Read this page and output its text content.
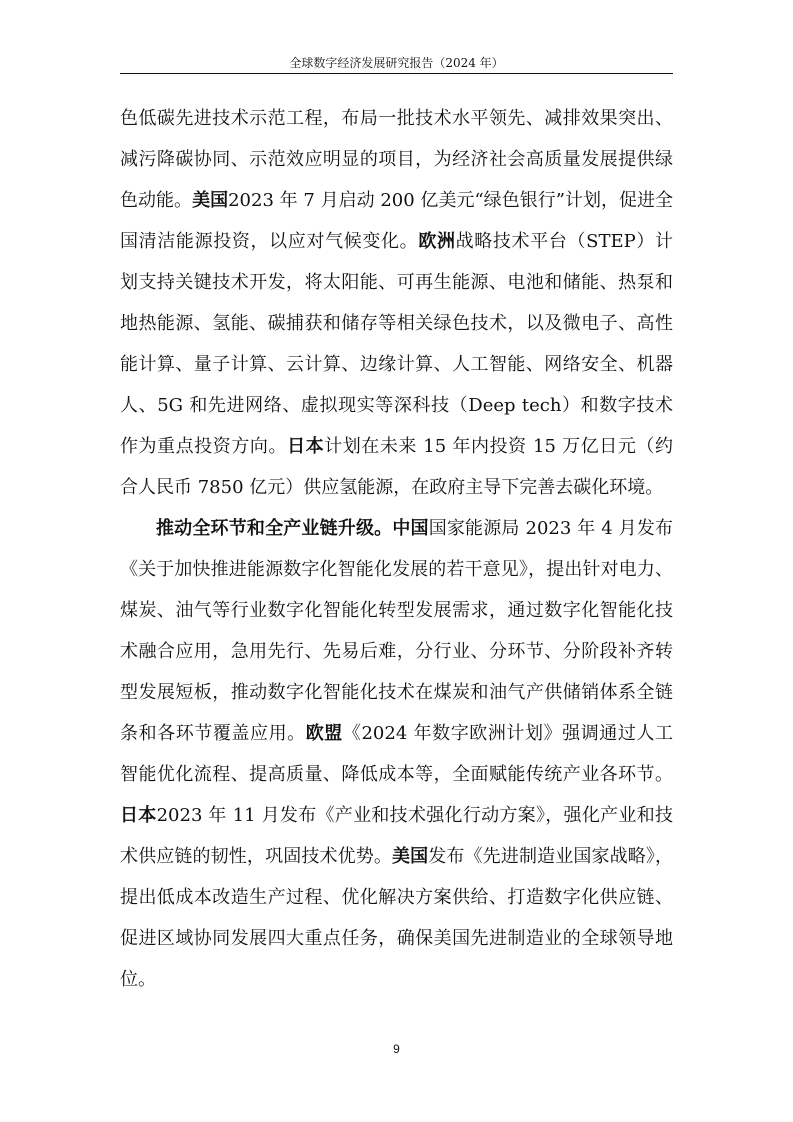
全球数字经济发展研究报告（2024 年）

色低碳先进技术示范工程，布局一批技术水平领先、减排效果突出、减污降碳协同、示范效应明显的项目，为经济社会高质量发展提供绿色动能。美国2023 年 7 月启动 200 亿美元“绿色银行”计划，促进全国清洁能源投资，以应对气候变化。欧洲战略技术平台（STEP）计划支持关键技术开发，将太阳能、可再生能源、电池和储能、热泵和地热能源、氢能、碳捕获和储存等相关绿色技术，以及微电子、高性能计算、量子计算、云计算、边缘计算、人工智能、网络安全、机器人、5G 和先进网络、虚拟现实等深科技（Deep tech）和数字技术作为重点投资方向。日本计划在未来 15 年内投资 15 万亿日元（约合人民币 7850 亿元）供应氢能源，在政府主导下完善去碳化环境。

推动全环节和全产业链升级。中国国家能源局 2023 年 4 月发布《关于加快推进能源数字化智能化发展的若干意见》，提出针对电力、煤炭、油气等行业数字化智能化转型发展需求，通过数字化智能化技术融合应用，急用先行、先易后难，分行业、分环节、分阶段补齐转型发展短板，推动数字化智能化技术在煤炭和油气产供储销体系全链条和各环节覆盖应用。欧盟《2024 年数字欧洲计划》强调通过人工智能优化流程、提高质量、降低成本等，全面赋能传统产业各环节。日本2023 年 11 月发布《产业和技术强化行动方案》，强化产业和技术供应链的韧性，巩固技术优势。美国发布《先进制造业国家战略》，提出低成本改造生产过程、优化解决方案供给、打造数字化供应链、促进区域协同发展四大重点任务，确保美国先进制造业的全球领导地位。

9
